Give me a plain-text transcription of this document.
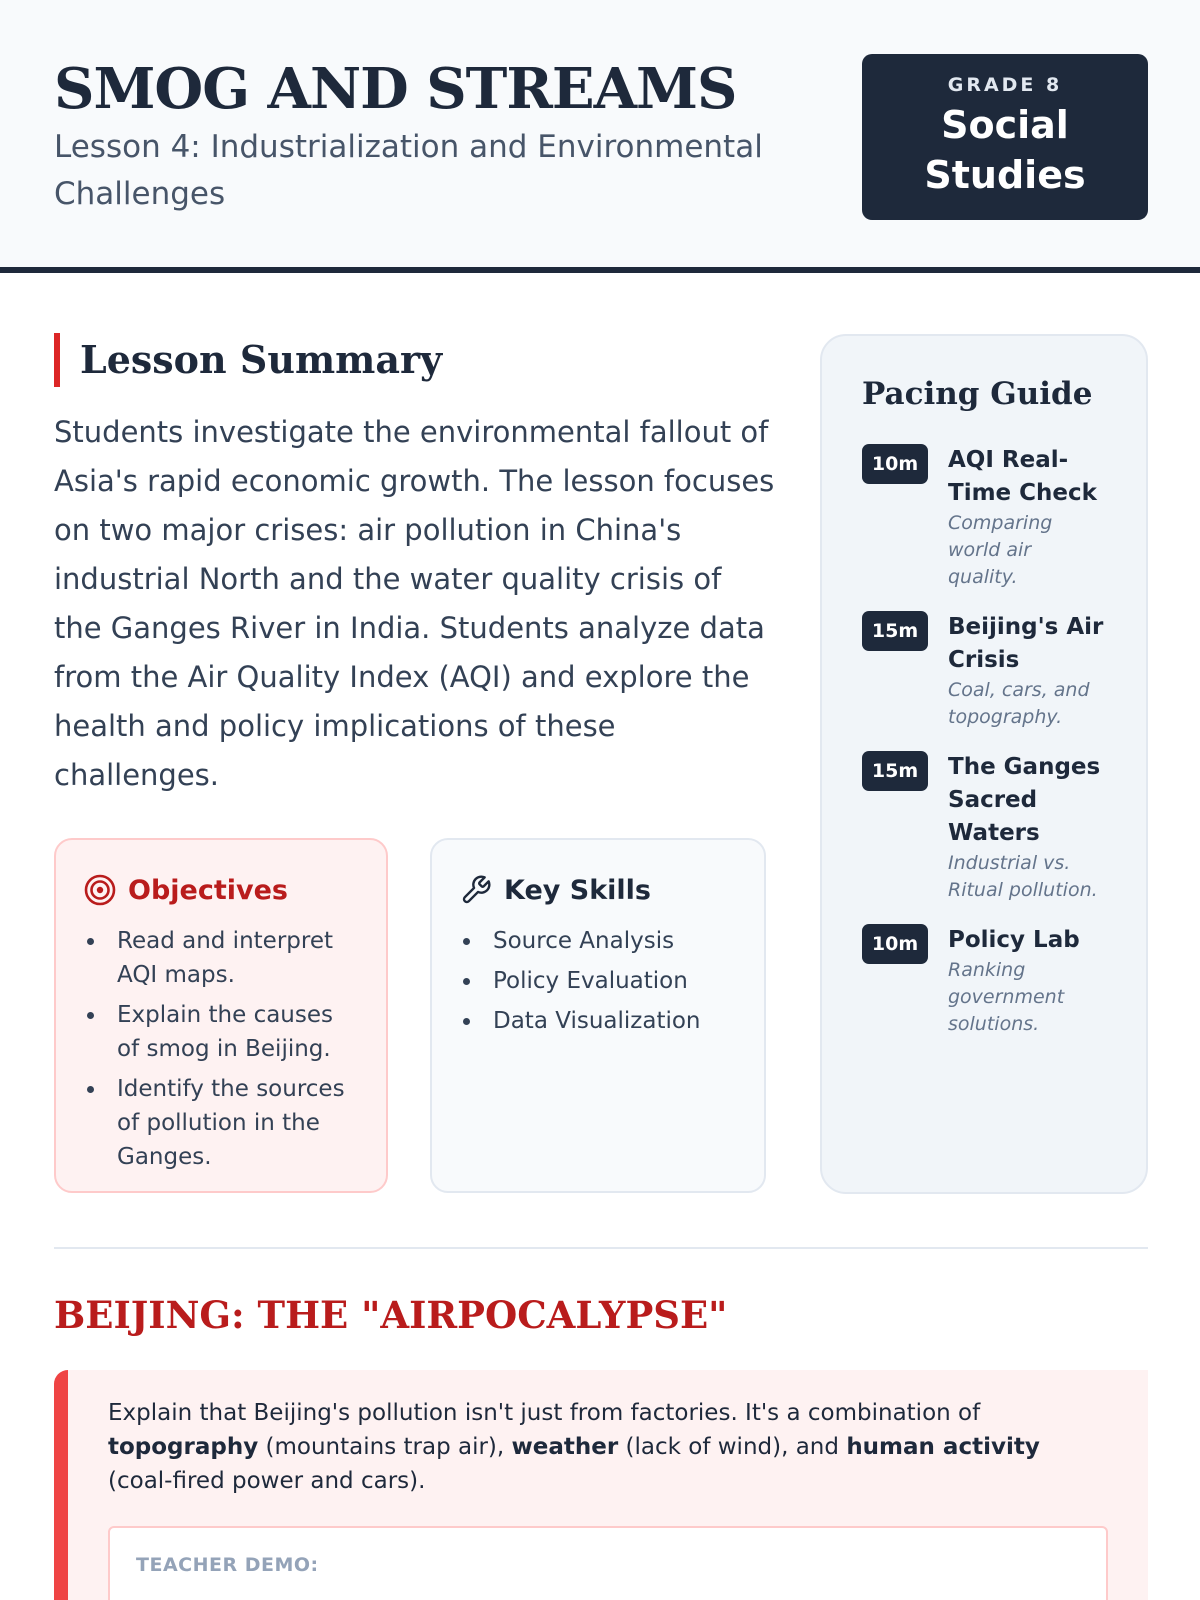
SMOG AND STREAMS
Lesson 4: Industrialization and Environmental Challenges
GRADE 8
Social
Studies
Lesson Summary
Students investigate the environmental fallout of Asia's rapid economic growth. The lesson focuses on two major crises: air pollution in China's industrial North and the water quality crisis of the Ganges River in India. Students analyze data from the Air Quality Index (AQI) and explore the health and policy implications of these challenges.
Objectives
Read and interpret AQI maps.
Explain the causes of smog in Beijing.
Identify the sources of pollution in the Ganges.
Key Skills
Source Analysis
Policy Evaluation
Data Visualization
Pacing Guide
10m	AQI Real-Time Check
Comparing world air quality.
15m	Beijing's Air Crisis
Coal, cars, and topography.
15m	The Ganges Sacred Waters
Industrial vs. Ritual pollution.
10m	Policy Lab
Ranking government solutions.
BEIJING: THE "AIRPOCALYPSE"
Explain that Beijing's pollution isn't just from factories. It's a combination of topography (mountains trap air), weather (lack of wind), and human activity (coal-fired power and cars).
TEACHER DEMO:
